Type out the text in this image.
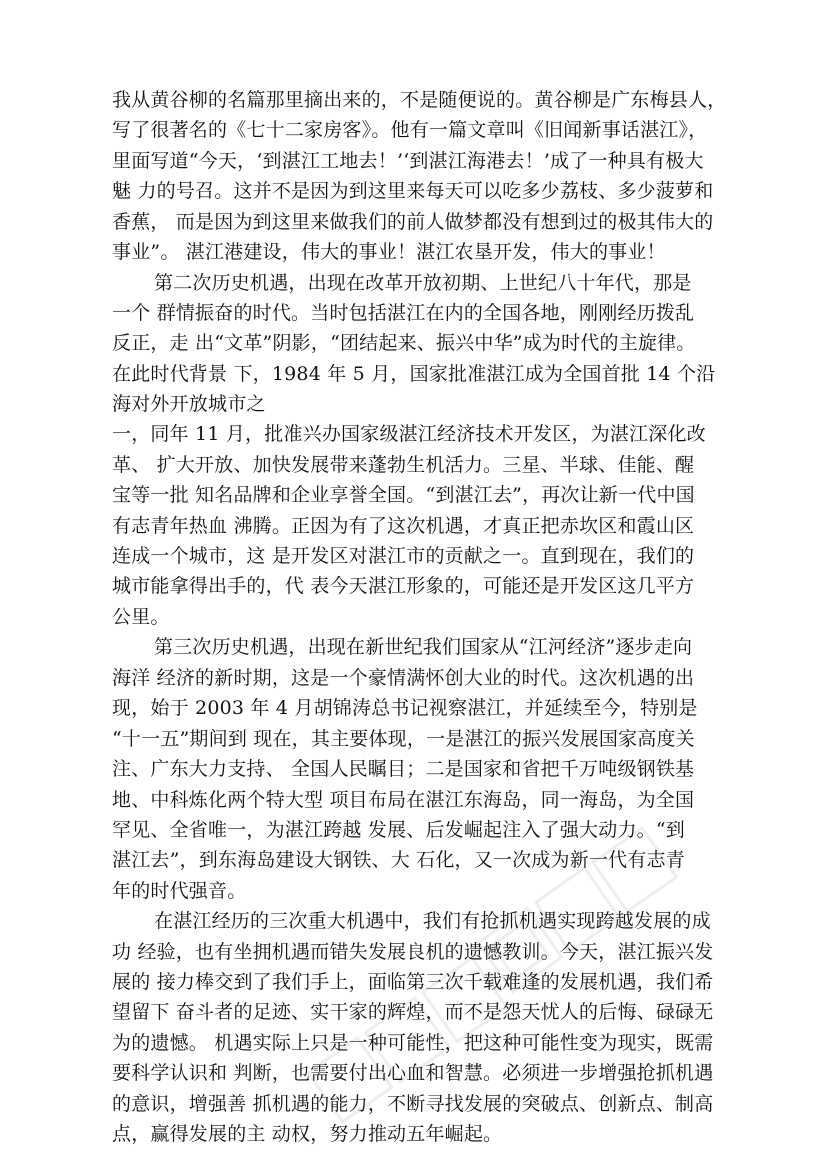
我从黄谷柳的名篇那里摘出来的，不是随便说的。黄谷柳是广东梅县人，
写了很著名的《七十二家房客》。他有一篇文章叫《旧闻新事话湛江》，
里面写道“今天，‘到湛江工地去！’‘到湛江海港去！’成了一种具有极大
魅 力的号召。这并不是因为到这里来每天可以吃多少荔枝、多少菠萝和
香蕉， 而是因为到这里来做我们的前人做梦都没有想到过的极其伟大的
事业”。 湛江港建设，伟大的事业！湛江农垦开发，伟大的事业！
第二次历史机遇，出现在改革开放初期、上世纪八十年代，那是
一个 群情振奋的时代。当时包括湛江在内的全国各地，刚刚经历拨乱
反正，走 出“文革”阴影，“团结起来、振兴中华”成为时代的主旋律。
在此时代背景 下，1984 年 5 月，国家批准湛江成为全国首批 14 个沿
海对外开放城市之
一，同年 11 月，批准兴办国家级湛江经济技术开发区，为湛江深化改
革、 扩大开放、加快发展带来蓬勃生机活力。三星、半球、佳能、醒
宝等一批 知名品牌和企业享誉全国。“到湛江去”，再次让新一代中国
有志青年热血 沸腾。正因为有了这次机遇，才真正把赤坎区和霞山区
连成一个城市，这 是开发区对湛江市的贡献之一。直到现在，我们的
城市能拿得出手的，代 表今天湛江形象的，可能还是开发区这几平方
公里。
第三次历史机遇，出现在新世纪我们国家从“江河经济”逐步走向
海洋 经济的新时期，这是一个豪情满怀创大业的时代。这次机遇的出
现，始于 2003 年 4 月胡锦涛总书记视察湛江，并延续至今，特别是
“十一五”期间到 现在，其主要体现，一是湛江的振兴发展国家高度关
注、广东大力支持、 全国人民瞩目；二是国家和省把千万吨级钢铁基
地、中科炼化两个特大型 项目布局在湛江东海岛，同一海岛，为全国
罕见、全省唯一，为湛江跨越 发展、后发崛起注入了强大动力。“到
湛江去”，到东海岛建设大钢铁、大 石化，又一次成为新一代有志青
年的时代强音。
在湛江经历的三次重大机遇中，我们有抢抓机遇实现跨越发展的成
功 经验，也有坐拥机遇而错失发展良机的遗憾教训。今天，湛江振兴发
展的 接力棒交到了我们手上，面临第三次千载难逢的发展机遇，我们希
望留下 奋斗者的足迹、实干家的辉煌，而不是怨天忧人的后悔、碌碌无
为的遗憾。 机遇实际上只是一种可能性，把这种可能性变为现实，既需
要科学认识和 判断，也需要付出心血和智慧。必须进一步增强抢抓机遇
的意识，增强善 抓机遇的能力，不断寻找发展的突破点、创新点、制高
点，赢得发展的主 动权，努力推动五年崛起。
